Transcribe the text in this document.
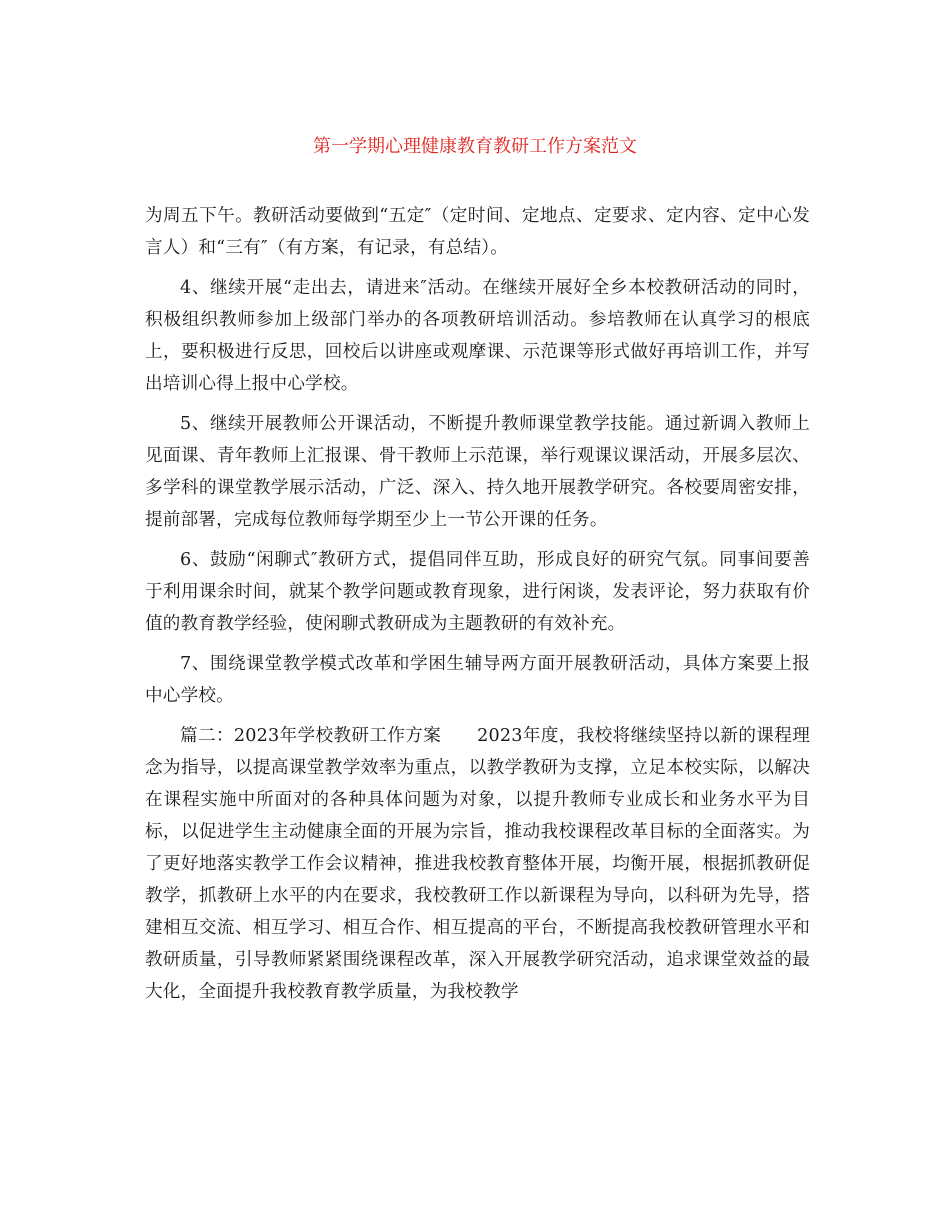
第一学期心理健康教育教研工作方案范文

为周五下午。教研活动要做到“五定″（定时间、定地点、定要求、定内容、定中心发言人）和“三有″（有方案，有记录，有总结）。

4、继续开展“走出去，请进来″活动。在继续开展好全乡本校教研活动的同时，积极组织教师参加上级部门举办的各项教研培训活动。参培教师在认真学习的根底上，要积极进行反思，回校后以讲座或观摩课、示范课等形式做好再培训工作，并写出培训心得上报中心学校。

5、继续开展教师公开课活动，不断提升教师课堂教学技能。通过新调入教师上见面课、青年教师上汇报课、骨干教师上示范课，举行观课议课活动，开展多层次、多学科的课堂教学展示活动，广泛、深入、持久地开展教学研究。各校要周密安排，提前部署，完成每位教师每学期至少上一节公开课的任务。

6、鼓励“闲聊式″教研方式，提倡同伴互助，形成良好的研究气氛。同事间要善于利用课余时间，就某个教学问题或教育现象，进行闲谈，发表评论，努力获取有价值的教育教学经验，使闲聊式教研成为主题教研的有效补充。

7、围绕课堂教学模式改革和学困生辅导两方面开展教研活动，具体方案要上报中心学校。

篇二：2023年学校教研工作方案　　2023年度，我校将继续坚持以新的课程理念为指导，以提高课堂教学效率为重点，以教学教研为支撑，立足本校实际，以解决在课程实施中所面对的各种具体问题为对象，以提升教师专业成长和业务水平为目标，以促进学生主动健康全面的开展为宗旨，推动我校课程改革目标的全面落实。为了更好地落实教学工作会议精神，推进我校教育整体开展，均衡开展，根据抓教研促教学，抓教研上水平的内在要求，我校教研工作以新课程为导向，以科研为先导，搭建相互交流、相互学习、相互合作、相互提高的平台，不断提高我校教研管理水平和教研质量，引导教师紧紧围绕课程改革，深入开展教学研究活动，追求课堂效益的最大化，全面提升我校教育教学质量，为我校教学
